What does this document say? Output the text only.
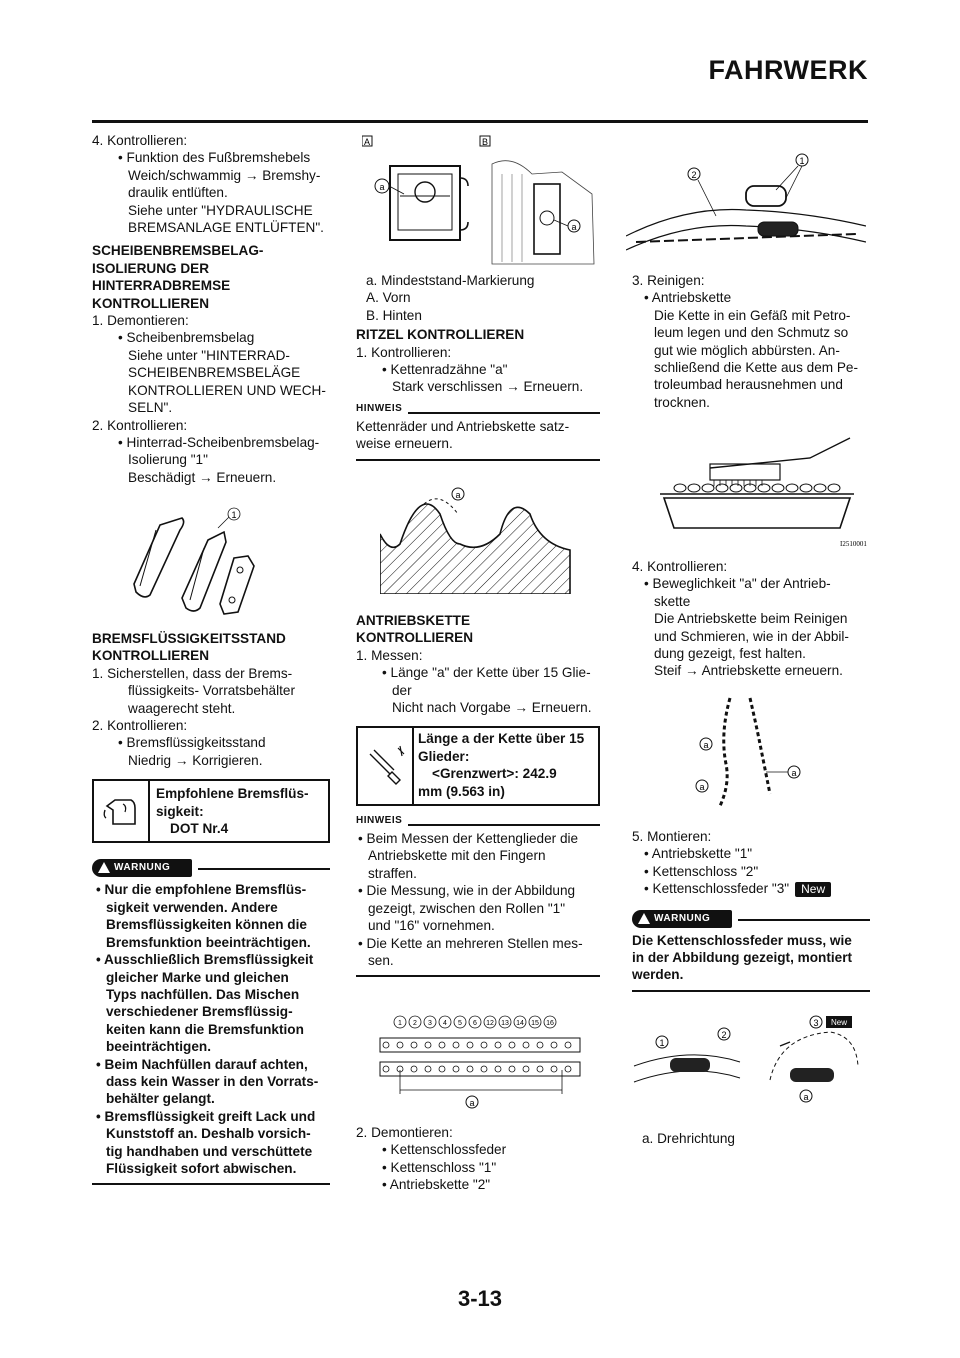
FAHRWERK

4. Kontrollieren:

• Funktion des Fußbremshebels

Weich/schwammig → Bremshy-

draulik entlüften.

Siehe unter "HYDRAULISCHE

BREMSANLAGE ENTLÜFTEN".

SCHEIBENBREMSBELAG-

ISOLIERUNG DER

HINTERRADBREMSE

KONTROLLIEREN

1. Demontieren:

• Scheibenbremsbelag

Siehe unter "HINTERRAD-

SCHEIBENBREMSBELÄGE

KONTROLLIEREN UND WECH-

SELN".

2. Kontrollieren:

• Hinterrad-Scheibenbremsbelag-

Isolierung "1"

Beschädigt → Erneuern.

1

BREMSFLÜSSIGKEITSSTAND

KONTROLLIEREN

1. Sicherstellen, dass der Brems-

flüssigkeits- Vorratsbehälter

waagerecht steht.

2. Kontrollieren:

• Bremsflüssigkeitsstand

Niedrig → Korrigieren.

Empfohlene Bremsflüs-

sigkeit:

DOT Nr.4

WARNUNG

• Nur die empfohlene Bremsflüs-

sigkeit verwenden. Andere

Bremsflüssigkeiten können die

Bremsfunktion beeinträchtigen.

• Ausschließlich Bremsflüssigkeit

gleicher Marke und gleichen

Typs nachfüllen. Das Mischen

verschiedener Bremsflüssig-

keiten kann die Bremsfunktion

beeinträchtigen.

• Beim Nachfüllen darauf achten,

dass kein Wasser in den Vorrats-

behälter gelangt.

• Bremsflüssigkeit greift Lack und

Kunststoff an. Deshalb vorsich-

tig handhaben und verschüttete

Flüssigkeit sofort abwischen.

A	B
a
a

a. Mindeststand-Markierung

A. Vorn

B. Hinten

RITZEL KONTROLLIEREN

1. Kontrollieren:

• Kettenradzähne "a"

Stark verschlissen → Erneuern.

HINWEIS

Kettenräder und Antriebskette satz-

weise erneuern.

a

ANTRIEBSKETTE

KONTROLLIEREN

1. Messen:

• Länge "a" der Kette über 15 Glie-

der

Nicht nach Vorgabe → Erneuern.

Länge a der Kette über 15

Glieder:

<Grenzwert>: 242.9

mm (9.563 in)

HINWEIS

• Beim Messen der Kettenglieder die

Antriebskette mit den Fingern

straffen.

• Die Messung, wie in der Abbildung

gezeigt, zwischen den Rollen "1"

und "16" vornehmen.

• Die Kette an mehreren Stellen mes-

sen.

1 2 3 4 5 6 12 13 14 15 16
a

2. Demontieren:

• Kettenschlossfeder

• Kettenschloss "1"

• Antriebskette "2"

1
2

3. Reinigen:

• Antriebskette

Die Kette in ein Gefäß mit Petro-

leum legen und den Schmutz so

gut wie möglich abbürsten. An-

schließend die Kette aus dem Pe-

troleumbad herausnehmen und

trocknen.

I2510001

4. Kontrollieren:

• Beweglichkeit "a" der Antrieb-

skette

Die Antriebskette beim Reinigen

und Schmieren, wie in der Abbil-

dung gezeigt, fest halten.

Steif → Antriebskette erneuern.

a
a
a

5. Montieren:

• Antriebskette "1"

• Kettenschloss "2"

• Kettenschlossfeder "3" New

WARNUNG

Die Kettenschlossfeder muss, wie

in der Abbildung gezeigt, montiert

werden.

1
2
3 New
a

a. Drehrichtung

3-13
